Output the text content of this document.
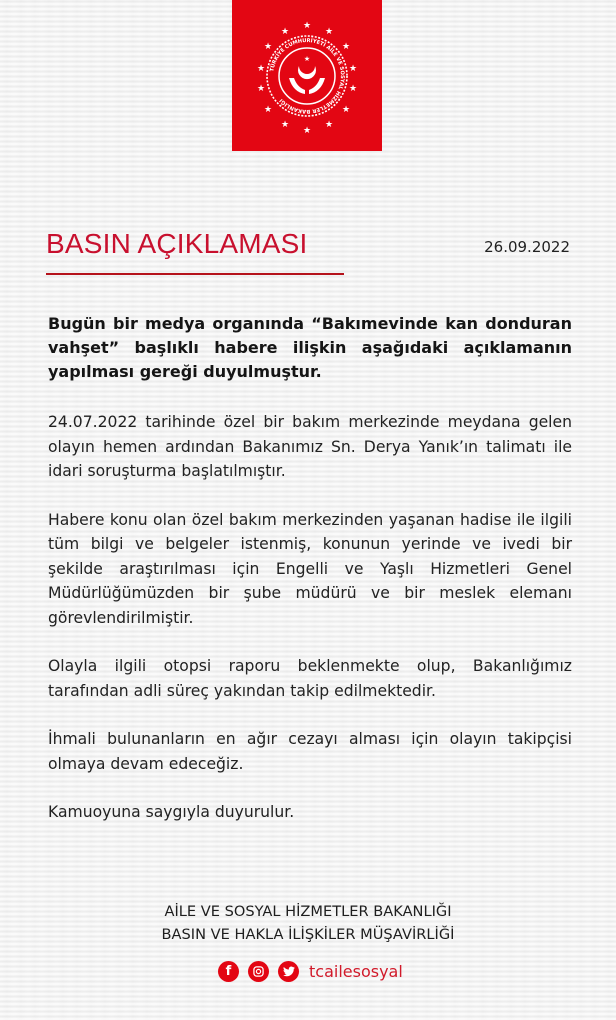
★
★
★
★
★
★
★
★
★
★
★
★
★
★
★
TÜRKİYE CUMHURİYETİ AİLE VE SOSYAL HİZMETLER BAKANLIĞI
BASIN AÇIKLAMASI	26.09.2022

Bugün bir medya organında “Bakımevinde kan donduran vahşet” başlıklı habere ilişkin aşağıdaki açıklamanın yapılması gereği duyulmuştur.

24.07.2022 tarihinde özel bir bakım merkezinde meydana gelen olayın hemen ardından Bakanımız Sn. Derya Yanık’ın talimatı ile idari soruşturma başlatılmıştır.

Habere konu olan özel bakım merkezinden yaşanan hadise ile ilgili tüm bilgi ve belgeler istenmiş, konunun yerinde ve ivedi bir şekilde araştırılması için Engelli ve Yaşlı Hizmetleri Genel Müdürlüğümüzden bir şube müdürü ve bir meslek elemanı görevlendirilmiştir.

Olayla ilgili otopsi raporu beklenmekte olup, Bakanlığımız tarafından adli süreç yakından takip edilmektedir.

İhmali bulunanların en ağır cezayı alması için olayın takipçisi olmaya devam edeceğiz.

Kamuoyuna saygıyla duyurulur.

AİLE VE SOSYAL HİZMETLER BAKANLIĞI
BASIN VE HAKLA İLİŞKİLER MÜŞAVİRLİĞİ
f	tcailesosyal
